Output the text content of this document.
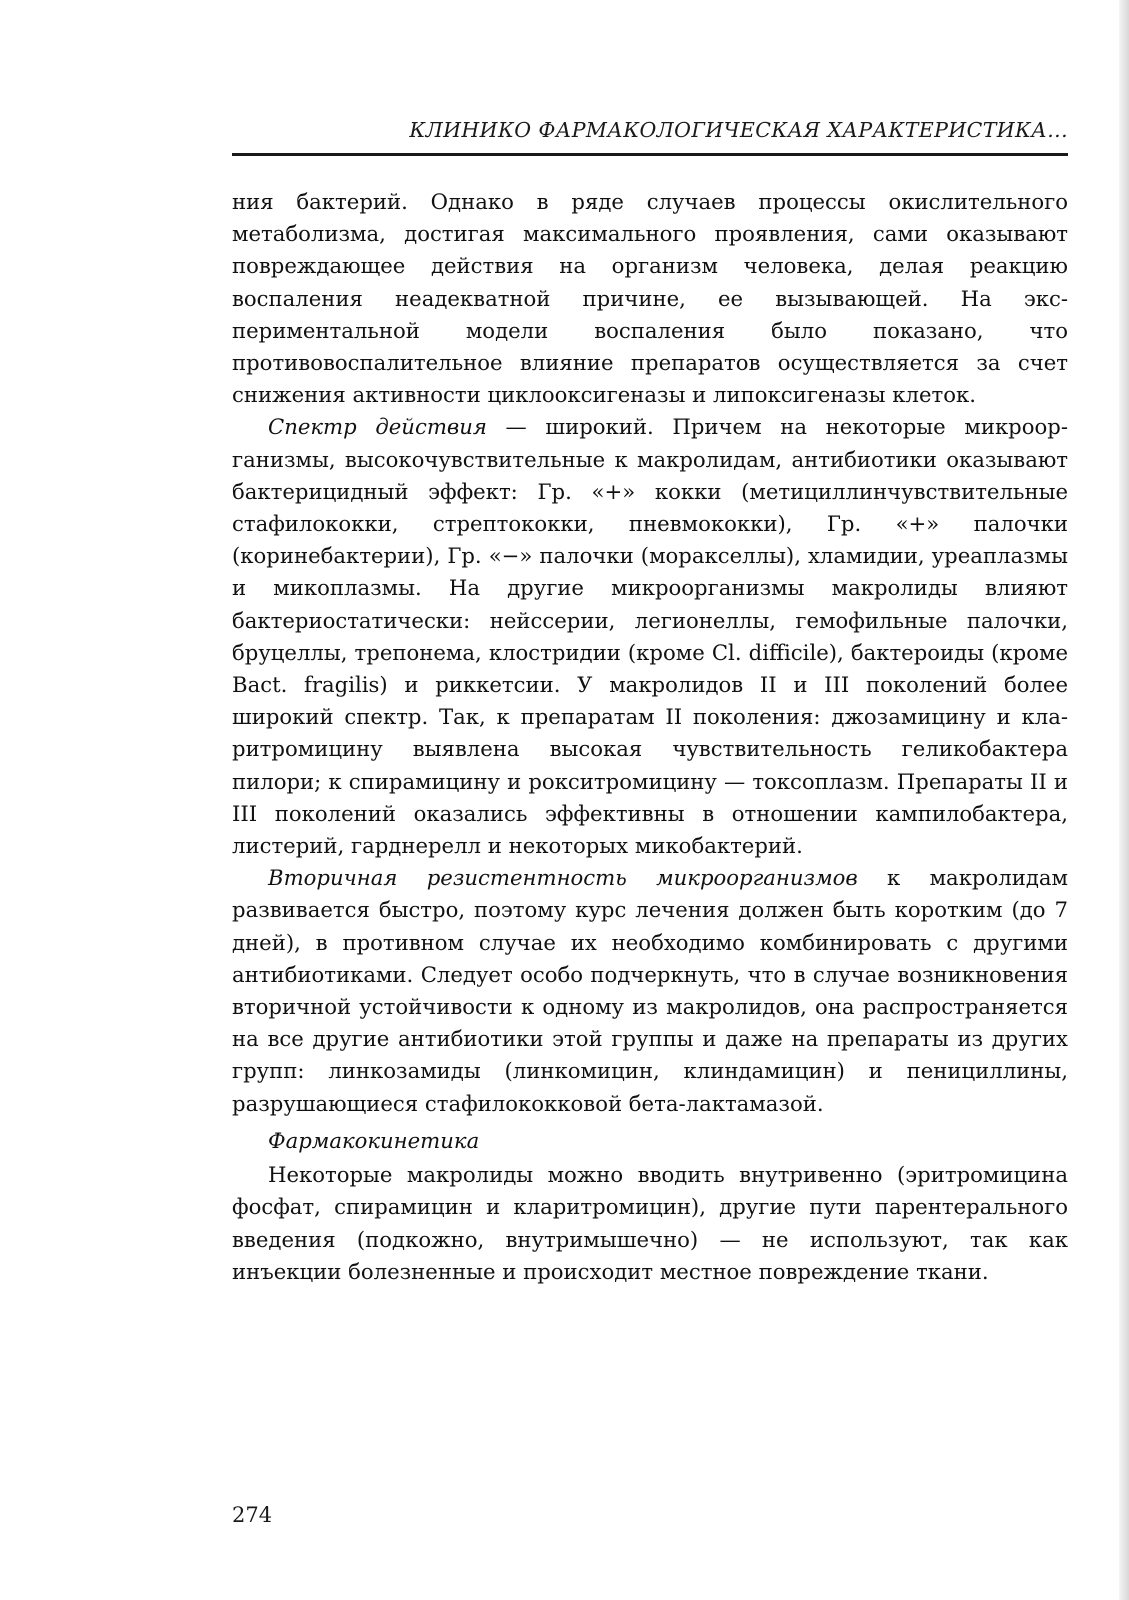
КЛИНИКО ФАРМАКОЛОГИЧЕСКАЯ ХАРАКТЕРИСТИКА...

ния бактерий. Однако в ряде случаев процессы окислительного метаболизма, достигая максимального проявления, сами оказывают повреждающее действия на организм человека, делая реакцию воспаления неадекватной причине, ее вызывающей. На экспериментальной модели воспаления было показано, что противовоспалительное влияние препаратов осуществляется за счет снижения активности циклооксигеназы и липоксигеназы клеток.

Спектр действия — широкий. Причем на некоторые микроорганизмы, высокочувствительные к макролидам, антибиотики оказывают бактерицидный эффект: Гр. «+» кокки (метициллинчувствительные стафилококки, стрептококки, пневмококки), Гр. «+» палочки (коринебактерии), Гр. «−» палочки (моракселлы), хламидии, уреаплазмы и микоплазмы. На другие микроорганизмы макролиды влияют бактериостатически: нейссерии, легионеллы, гемофильные палочки, бруцеллы, трепонема, клостридии (кроме Cl. difficile), бактероиды (кроме Bact. fragilis) и риккетсии. У макролидов II и III поколений более широкий спектр. Так, к препаратам II поколения: джозамицину и кларитромицину выявлена высокая чувствительность геликобактера пилори; к спирамицину и рокситромицину — токсоплазм. Препараты II и III поколений оказались эффективны в отношении кампилобактера, листерий, гарднерелл и некоторых микобактерий.

Вторичная резистентность микроорганизмов к макролидам развивается быстро, поэтому курс лечения должен быть коротким (до 7 дней), в противном случае их необходимо комбинировать с другими антибиотиками. Следует особо подчеркнуть, что в случае возникновения вторичной устойчивости к одному из макролидов, она распространяется на все другие антибиотики этой группы и даже на препараты из других групп: линкозамиды (линкомицин, клиндамицин) и пенициллины, разрушающиеся стафилококковой бета-лактамазой.

Фармакокинетика

Некоторые макролиды можно вводить внутривенно (эритромицина фосфат, спирамицин и кларитромицин), другие пути парентерального введения (подкожно, внутримышечно) — не используют, так как инъекции болезненные и происходит местное повреждение ткани.

274
